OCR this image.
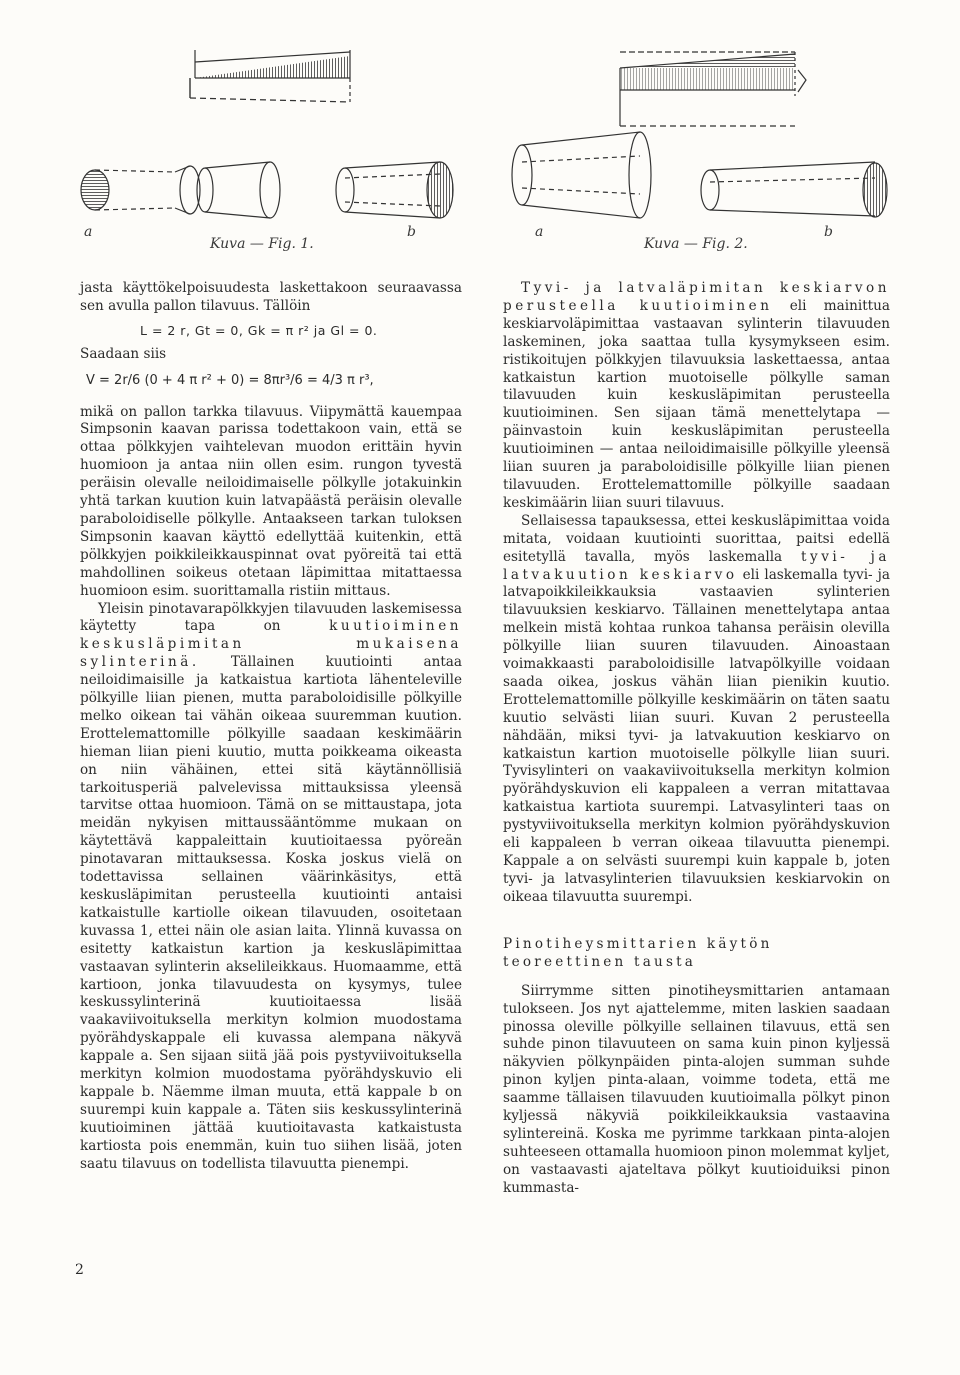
a	b
Kuva — Fig. 1.
a	b
Kuva — Fig. 2.

jasta käyttökelpoisuudesta laskettakoon seuraavassa sen avulla pallon tilavuus. Tällöin

L = 2 r, Gt = 0, Gk = π r² ja Gl = 0.

Saadaan siis

V = 2r/6 (0 + 4 π r² + 0) = 8πr³/6 = 4/3 π r³,

mikä on pallon tarkka tilavuus. Viipymättä kauempaa Simpsonin kaavan parissa todettakoon vain, että se ottaa pölkkyjen vaihtelevan muodon erittäin hyvin huomioon ja antaa niin ollen esim. rungon tyvestä peräisin olevalle neiloidimaiselle pölkylle jotakuinkin yhtä tarkan kuution kuin latvapäästä peräisin olevalle paraboloidiselle pölkylle. Antaakseen tarkan tuloksen Simpsonin kaavan käyttö edellyttää kuitenkin, että pölkkyjen poikkileikkauspinnat ovat pyöreitä tai että mahdollinen soikeus otetaan läpimittaa mitattaessa huomioon esim. suorittamalla ristiin mittaus.

Yleisin pinotavarapölkkyjen tilavuuden laskemisessa käytetty tapa on kuutioiminen keskusläpimitan mukaisena sylinterinä. Tällainen kuutiointi antaa neiloidimaisille ja katkaistua kartiota lähenteleville pölkyille liian pienen, mutta paraboloidisille pölkyille melko oikean tai vähän oikeaa suuremman kuution. Erottelemattomille pölkyille saadaan keskimäärin hieman liian pieni kuutio, mutta poikkeama oikeasta on niin vähäinen, ettei sitä käytännöllisiä tarkoitusperiä palvelevissa mittauksissa yleensä tarvitse ottaa huomioon. Tämä on se mittaustapa, jota meidän nykyisen mittaussääntömme mukaan on käytettävä kappaleittain kuutioitaessa pyöreän pinotavaran mittauksessa. Koska joskus vielä on todettavissa sellainen väärinkäsitys, että keskusläpimitan perusteella kuutiointi antaisi katkaistulle kartiolle oikean tilavuuden, osoitetaan kuvassa 1, ettei näin ole asian laita. Ylinnä kuvassa on esitetty katkaistun kartion ja keskusläpimittaa vastaavan sylinterin akselileikkaus. Huomaamme, että kartioon, jonka tilavuudesta on kysymys, tulee keskussylinterinä kuutioitaessa lisää vaakaviivoituksella merkityn kolmion muodostama pyörähdyskappale eli kuvassa alempana näkyvä kappale a. Sen sijaan siitä jää pois pystyviivoituksella merkityn kolmion muodostama pyörähdyskuvio eli kappale b. Näemme ilman muuta, että kappale b on suurempi kuin kappale a. Täten siis keskussylinterinä kuutioiminen jättää kuutioitavasta katkaistusta kartiosta pois enemmän, kuin tuo siihen lisää, joten saatu tilavuus on todellista tilavuutta pienempi.

Tyvi- ja latvaläpimitan keskiarvon perusteella kuutioiminen eli mainittua keskiarvoläpimittaa vastaavan sylinterin tilavuuden laskeminen, joka saattaa tulla kysymykseen esim. ristikoitujen pölkkyjen tilavuuksia laskettaessa, antaa katkaistun kartion muotoiselle pölkylle saman tilavuuden kuin keskusläpimitan perusteella kuutioiminen. Sen sijaan tämä menettelytapa — päinvastoin kuin keskusläpimitan perusteella kuutioiminen — antaa neiloidimaisille pölkyille yleensä liian suuren ja paraboloidisille pölkyille liian pienen tilavuuden. Erottelemattomille pölkyille saadaan keskimäärin liian suuri tilavuus.

Sellaisessa tapauksessa, ettei keskusläpimittaa voida mitata, voidaan kuutiointi suorittaa, paitsi edellä esitetyllä tavalla, myös laskemalla tyvi- ja latvakuution keskiarvo eli laskemalla tyvi- ja latvapoikkileikkauksia vastaavien sylinterien tilavuuksien keskiarvo. Tällainen menettelytapa antaa melkein mistä kohtaa runkoa tahansa peräisin olevilla pölkyille liian suuren tilavuuden. Ainoastaan voimakkaasti paraboloidisille latvapölkyille voidaan saada oikea, joskus vähän liian pienikin kuutio. Erottelemattomille pölkyille keskimäärin on täten saatu kuutio selvästi liian suuri. Kuvan 2 perusteella nähdään, miksi tyvi- ja latvakuution keskiarvo on katkaistun kartion muotoiselle pölkylle liian suuri. Tyvisylinteri on vaakaviivoituksella merkityn kolmion pyörähdyskuvion eli kappaleen a verran mitattavaa katkaistua kartiota suurempi. Latvasylinteri taas on pystyviivoituksella merkityn kolmion pyörähdyskuvion eli kappaleen b verran oikeaa tilavuutta pienempi. Kappale a on selvästi suurempi kuin kappale b, joten tyvi- ja latvasylinterien tilavuuksien keskiarvokin on oikeaa tilavuutta suurempi.

Pinotiheysmittarien käytön teoreettinen tausta

Siirrymme sitten pinotiheysmittarien antamaan tulokseen. Jos nyt ajattelemme, miten laskien saadaan pinossa oleville pölkyille sellainen tilavuus, että sen suhde pinon tilavuuteen on sama kuin pinon kyljessä näkyvien pölkynpäiden pinta-alojen summan suhde pinon kyljen pinta-alaan, voimme todeta, että me saamme tällaisen tilavuuden kuutioimalla pölkyt pinon kyljessä näkyviä poikkileikkauksia vastaavina sylintereinä. Koska me pyrimme tarkkaan pinta-alojen suhteeseen ottamalla huomioon pinon molemmat kyljet, on vastaavasti ajateltava pölkyt kuutioiduiksi pinon kummasta-

2
